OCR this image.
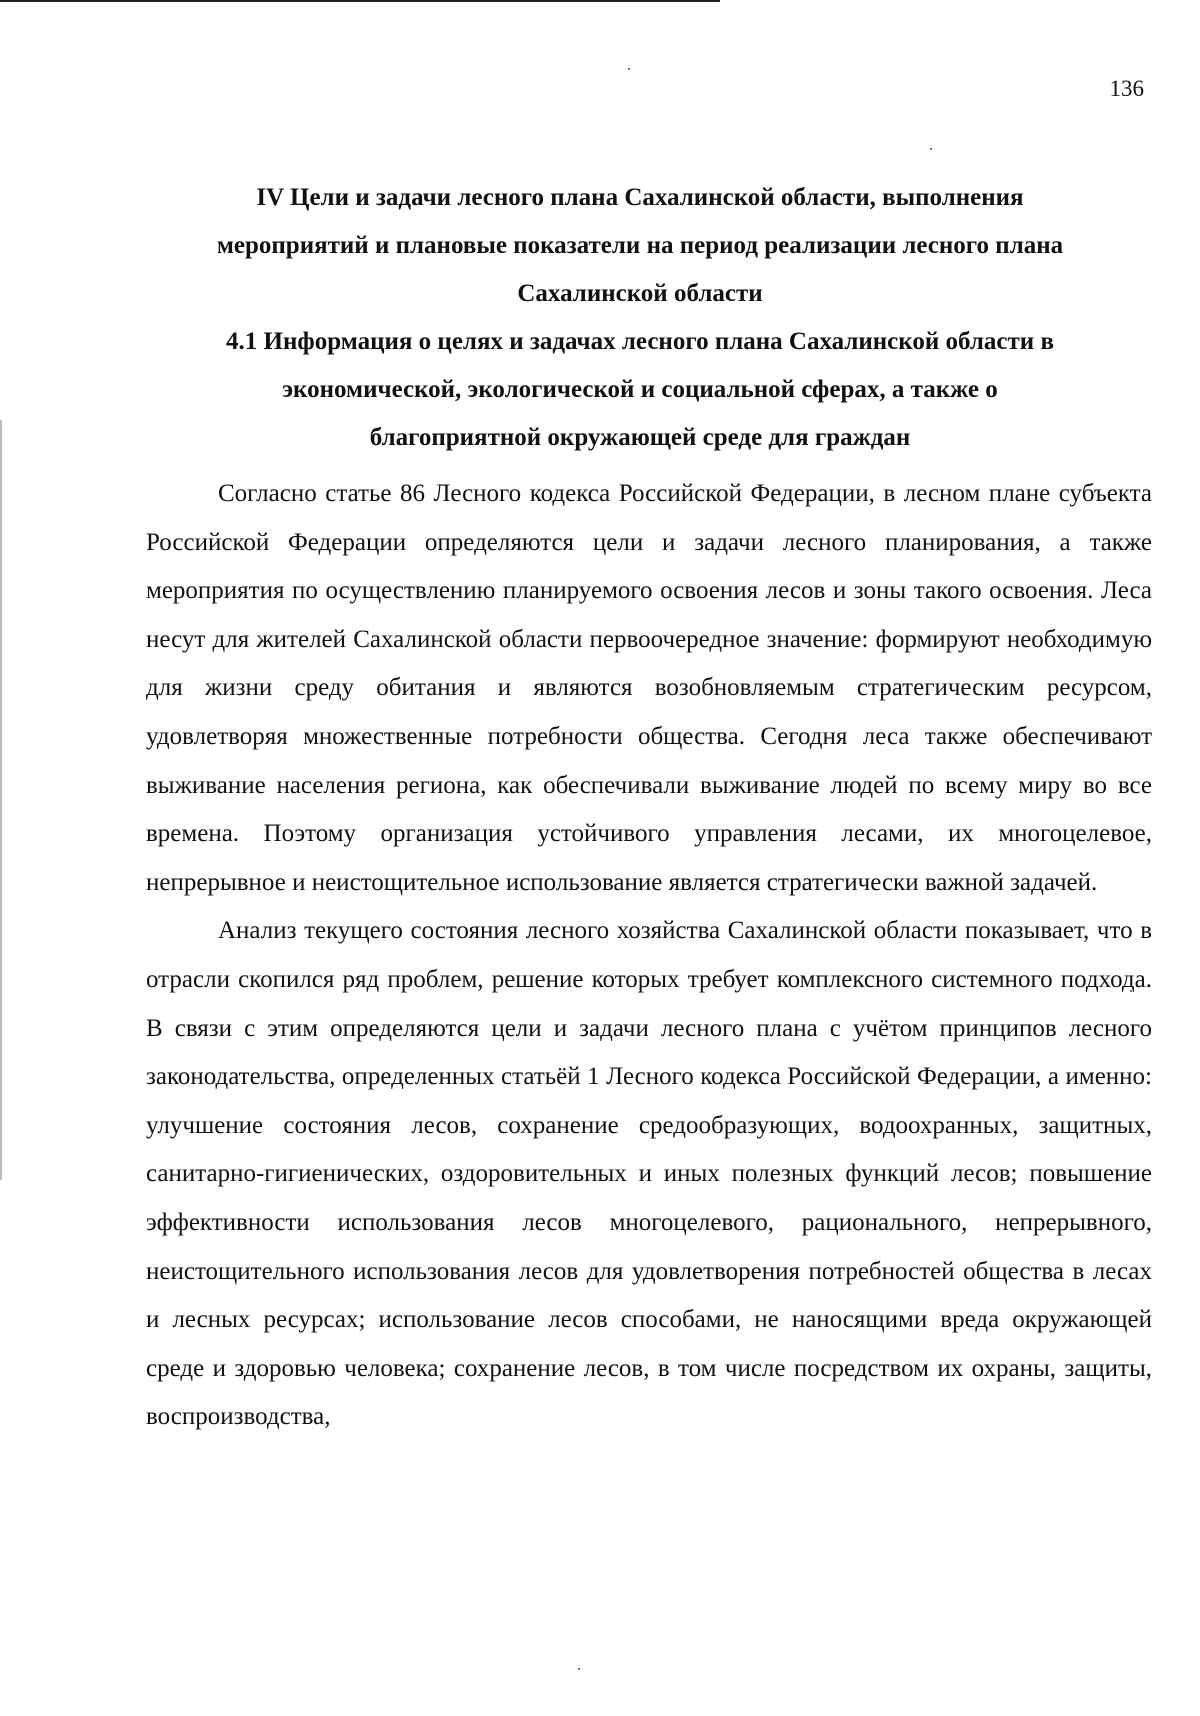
136
IV Цели и задачи лесного плана Сахалинской области, выполнения
мероприятий и плановые показатели на период реализации лесного плана
Сахалинской области
4.1 Информация о целях и задачах лесного плана Сахалинской области в
экономической, экологической и социальной сферах, а также о
благоприятной окружающей среде для граждан

Согласно статье 86 Лесного кодекса Российской Федерации, в лесном плане субъекта Российской Федерации определяются цели и задачи лесного планирования, а также мероприятия по осуществлению планируемого освоения лесов и зоны такого освоения. Леса несут для жителей Сахалинской области первоочередное значение: формируют необходимую для жизни среду обитания и являются возобновляемым стратегическим ресурсом, удовлетворяя множественные потребности общества. Сегодня леса также обеспечивают выживание населения региона, как обеспечивали выживание людей по всему миру во все времена. Поэтому организация устойчивого управления лесами, их многоцелевое, непрерывное и неистощительное использование является стратегически важной задачей.

Анализ текущего состояния лесного хозяйства Сахалинской области показывает, что в отрасли скопился ряд проблем, решение которых требует комплексного системного подхода. В связи с этим определяются цели и задачи лесного плана с учётом принципов лесного законодательства, определенных статьёй 1 Лесного кодекса Российской Федерации, а именно: улучшение состояния лесов, сохранение средообразующих, водоохранных, защитных, санитарно-гигиенических, оздоровительных и иных полезных функций лесов; повышение эффективности использования лесов многоцелевого, рационального, непрерывного, неистощительного использования лесов для удовлетворения потребностей общества в лесах и лесных ресурсах; использование лесов способами, не наносящими вреда окружающей среде и здоровью человека; сохранение лесов, в том числе посредством их охраны, защиты, воспроизводства,
